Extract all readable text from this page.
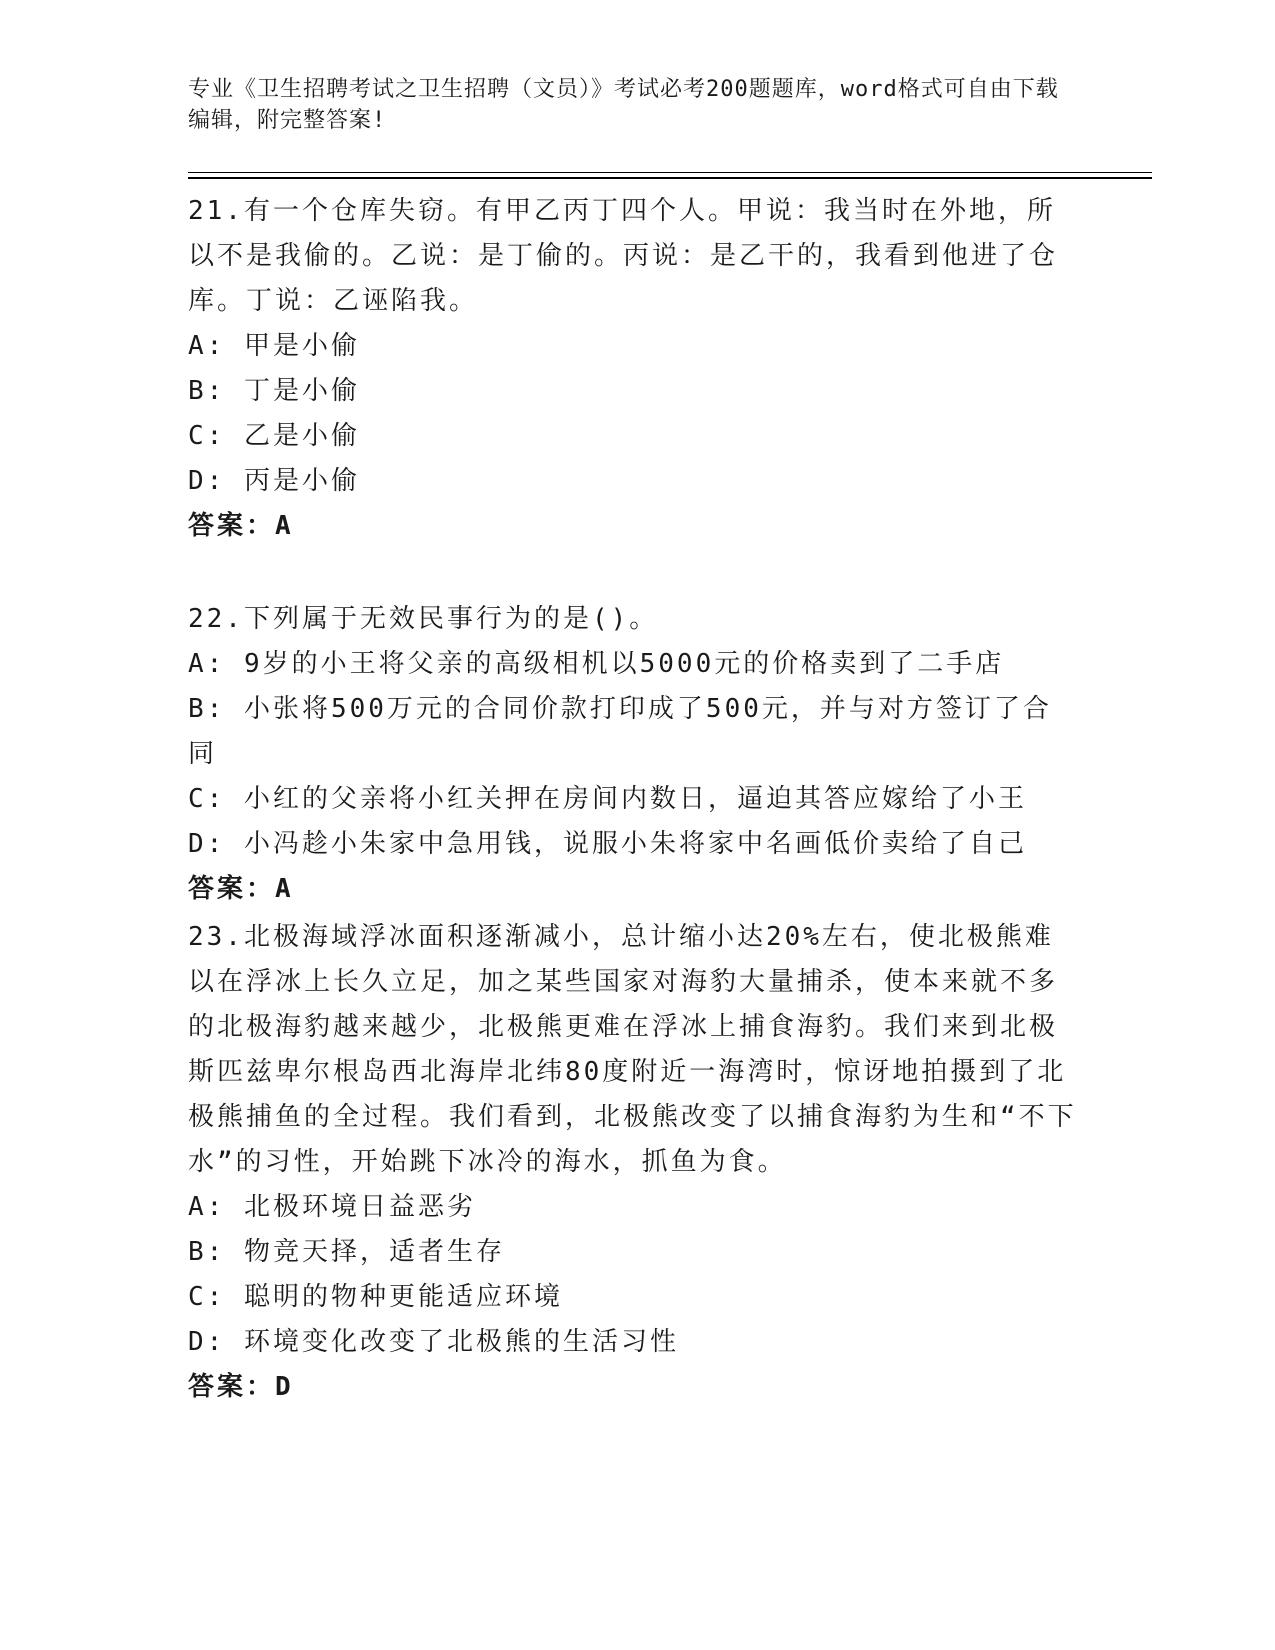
专业《卫生招聘考试之卫生招聘（文员）》考试必考200题题库，word格式可自由下载编辑，附完整答案!

21.有一个仓库失窃。有甲乙丙丁四个人。甲说：我当时在外地，所以不是我偷的。乙说：是丁偷的。丙说：是乙干的，我看到他进了仓库。丁说：乙诬陷我。

A: 甲是小偷

B: 丁是小偷

C: 乙是小偷

D: 丙是小偷

答案：A

22.下列属于无效民事行为的是()。

A: 9岁的小王将父亲的高级相机以5000元的价格卖到了二手店

B: 小张将500万元的合同价款打印成了500元，并与对方签订了合同

C: 小红的父亲将小红关押在房间内数日，逼迫其答应嫁给了小王

D: 小冯趁小朱家中急用钱，说服小朱将家中名画低价卖给了自己

答案：A

23.北极海域浮冰面积逐渐减小，总计缩小达20%左右，使北极熊难以在浮冰上长久立足，加之某些国家对海豹大量捕杀，使本来就不多的北极海豹越来越少，北极熊更难在浮冰上捕食海豹。我们来到北极斯匹兹卑尔根岛西北海岸北纬80度附近一海湾时，惊讶地拍摄到了北极熊捕鱼的全过程。我们看到，北极熊改变了以捕食海豹为生和“不下水”的习性，开始跳下冰冷的海水，抓鱼为食。

A: 北极环境日益恶劣

B: 物竞天择，适者生存

C: 聪明的物种更能适应环境

D: 环境变化改变了北极熊的生活习性

答案：D
